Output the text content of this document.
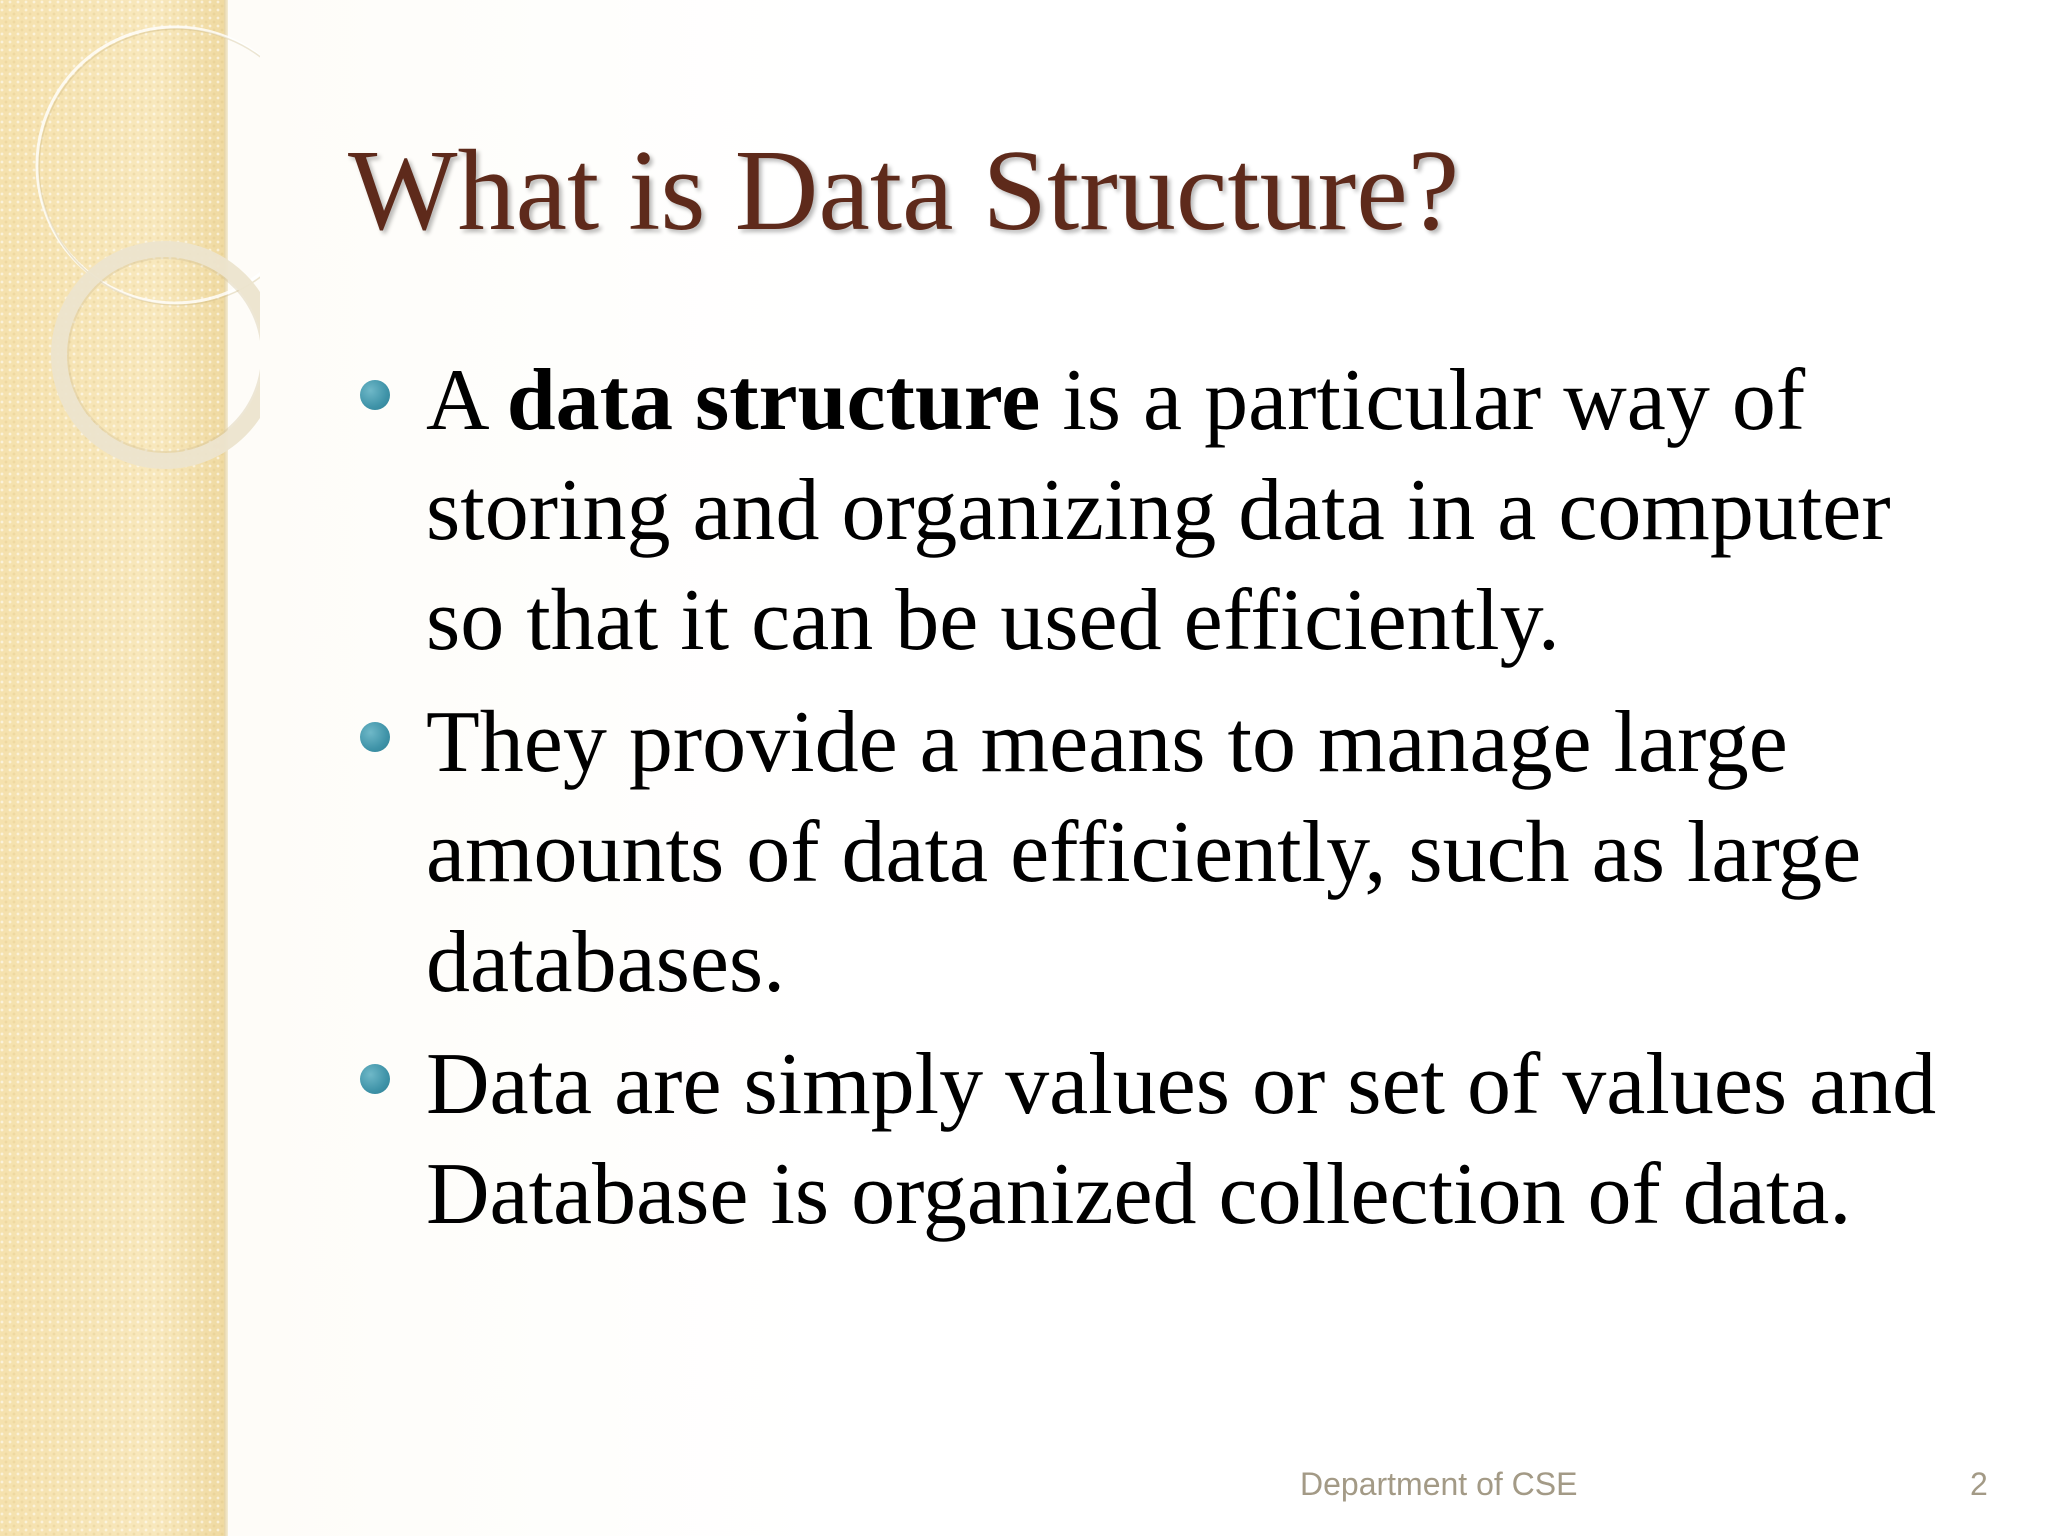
What is Data Structure?
A data structure is a particular way of storing and organizing data in a computer so that it can be used efficiently.
They provide a means to manage large amounts of data efficiently, such as large databases.
Data are simply values or set of values and Database is organized collection of data.
Department of CSE	2
